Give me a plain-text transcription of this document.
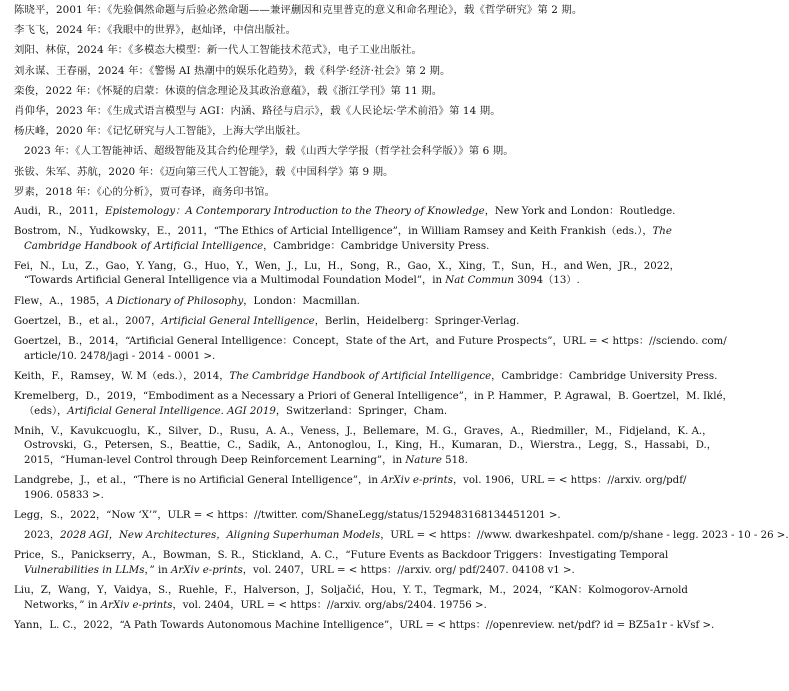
陈晓平，2001 年：《先验偶然命题与后验必然命题——兼评蒯因和克里普克的意义和命名理论》，载《哲学研究》第 2 期。
李飞飞，2024 年：《我眼中的世界》，赵灿译，中信出版社。
刘阳、林倞，2024 年：《多模态大模型：新一代人工智能技术范式》，电子工业出版社。
刘永谋、王春丽，2024 年：《警惕 AI 热潮中的娱乐化趋势》，载《科学·经济·社会》第 2 期。
栾俊，2022 年：《怀疑的启蒙：休谟的信念理论及其政治意蕴》，载《浙江学刊》第 11 期。
肖仰华，2023 年：《生成式语言模型与 AGI：内涵、路径与启示》，载《人民论坛·学术前沿》第 14 期。
杨庆峰，2020 年：《记忆研究与人工智能》，上海大学出版社。
2023 年：《人工智能神话、超级智能及其合约伦理学》，载《山西大学学报（哲学社会科学版）》第 6 期。
张钹、朱军、苏航，2020 年：《迈向第三代人工智能》，载《中国科学》第 9 期。
罗素，2018 年：《心的分析》，贾可春译，商务印书馆。
Audi，R.，2011，Epistemology：A Contemporary Introduction to the Theory of Knowledge，New York and London：Routledge.
Bostrom，N.，Yudkowsky，E.，2011，“The Ethics of Articial Intelligence”，in William Ramsey and Keith Frankish（eds.），The
Cambridge Handbook of Artificial Intelligence，Cambridge：Cambridge University Press.
Fei，N.，Lu，Z.，Gao，Y. Yang，G.，Huo，Y.，Wen，J.，Lu，H.，Song，R.，Gao，X.，Xing，T.，Sun，H.，and Wen，JR.，2022，
“Towards Artificial General Intelligence via a Multimodal Foundation Model”，in Nat Commun 3094（13）.
Flew，A.，1985，A Dictionary of Philosophy，London：Macmillan.
Goertzel，B.，et al.，2007，Artificial General Intelligence，Berlin，Heidelberg：Springer-Verlag.
Goertzel，B.，2014，“Artificial General Intelligence：Concept，State of the Art，and Future Prospects”，URL = < https：//sciendo. com/
article/10. 2478/jagi - 2014 - 0001 >.
Keith，F.，Ramsey，W. M（eds.），2014，The Cambridge Handbook of Artificial Intelligence，Cambridge：Cambridge University Press.
Kremelberg，D.，2019，“Embodiment as a Necessary a Priori of General Intelligence”，in P. Hammer，P. Agrawal，B. Goertzel，M. Iklé，
（eds），Artificial General Intelligence. AGI 2019，Switzerland：Springer，Cham.
Mnih，V.，Kavukcuoglu，K.，Silver，D.，Rusu，A. A.，Veness，J.，Bellemare，M. G.，Graves，A.，Riedmiller，M.，Fidjeland，K. A.，
Ostrovski，G.，Petersen，S.，Beattie，C.，Sadik，A.，Antonoglou，I.，King，H.，Kumaran，D.，Wierstra.，Legg，S.，Hassabi，D.，
2015，“Human-level Control through Deep Reinforcement Learning”，in Nature 518.
Landgrebe，J.，et al.，“There is no Artificial General Intelligence”，in ArXiv e-prints，vol. 1906，URL = < https：//arxiv. org/pdf/
1906. 05833 >.
Legg，S.，2022，“Now ‘X’”，ULR = < https：//twitter. com/ShaneLegg/status/1529483168134451201 >.
2023，2028 AGI，New Architectures，Aligning Superhuman Models，URL = < https：//www. dwarkeshpatel. com/p/shane - legg. 2023 - 10 - 26 >.
Price，S.，Panickserry，A.，Bowman，S. R.，Stickland，A. C.，“Future Events as Backdoor Triggers：Investigating Temporal
Vulnerabilities in LLMs，” in ArXiv e-prints，vol. 2407，URL = < https：//arxiv. org/ pdf/2407. 04108 v1 >.
Liu，Z，Wang，Y，Vaidya，S.，Ruehle，F.，Halverson，J，Soljačić，Hou，Y. T.，Tegmark，M.，2024，“KAN：Kolmogorov-Arnold
Networks，” in ArXiv e-prints，vol. 2404，URL = < https：//arxiv. org/abs/2404. 19756 >.
Yann，L. C.，2022，“A Path Towards Autonomous Machine Intelligence”，URL = < https：//openreview. net/pdf? id = BZ5a1r - kVsf >.
